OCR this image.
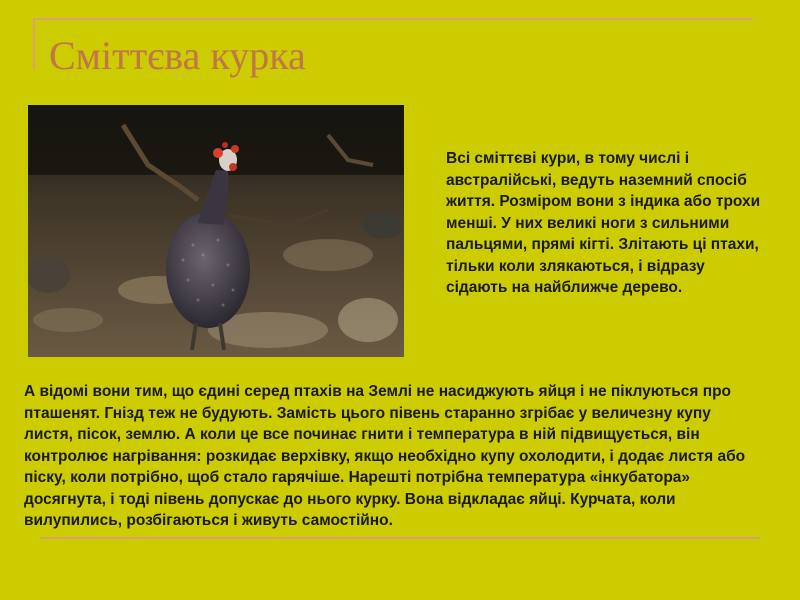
Сміттєва курка

Всі сміттєві кури, в тому числі і австралійські, ведуть наземний спосіб життя. Розміром вони з індика або трохи менші. У них великі ноги з сильними пальцями, прямі кігті. Злітають ці птахи, тільки коли злякаються, і відразу сідають на найближче дерево.

А відомі вони тим, що єдині серед птахів на Землі не насиджують яйця і не піклуються про пташенят. Гнізд теж не будують. Замість цього півень старанно згрібає у величезну купу листя, пісок, землю. А коли це все починає гнити і температура в ній підвищується, він контролює нагрівання: розкидає верхівку, якщо необхідно купу охолодити, і додає листя або піску, коли потрібно, щоб стало гарячіше. Нарешті потрібна температура «інкубатора» досягнута, і тоді півень допускає до нього курку. Вона відкладає яйці. Курчата, коли вилупились, розбігаються і живуть самостійно.
